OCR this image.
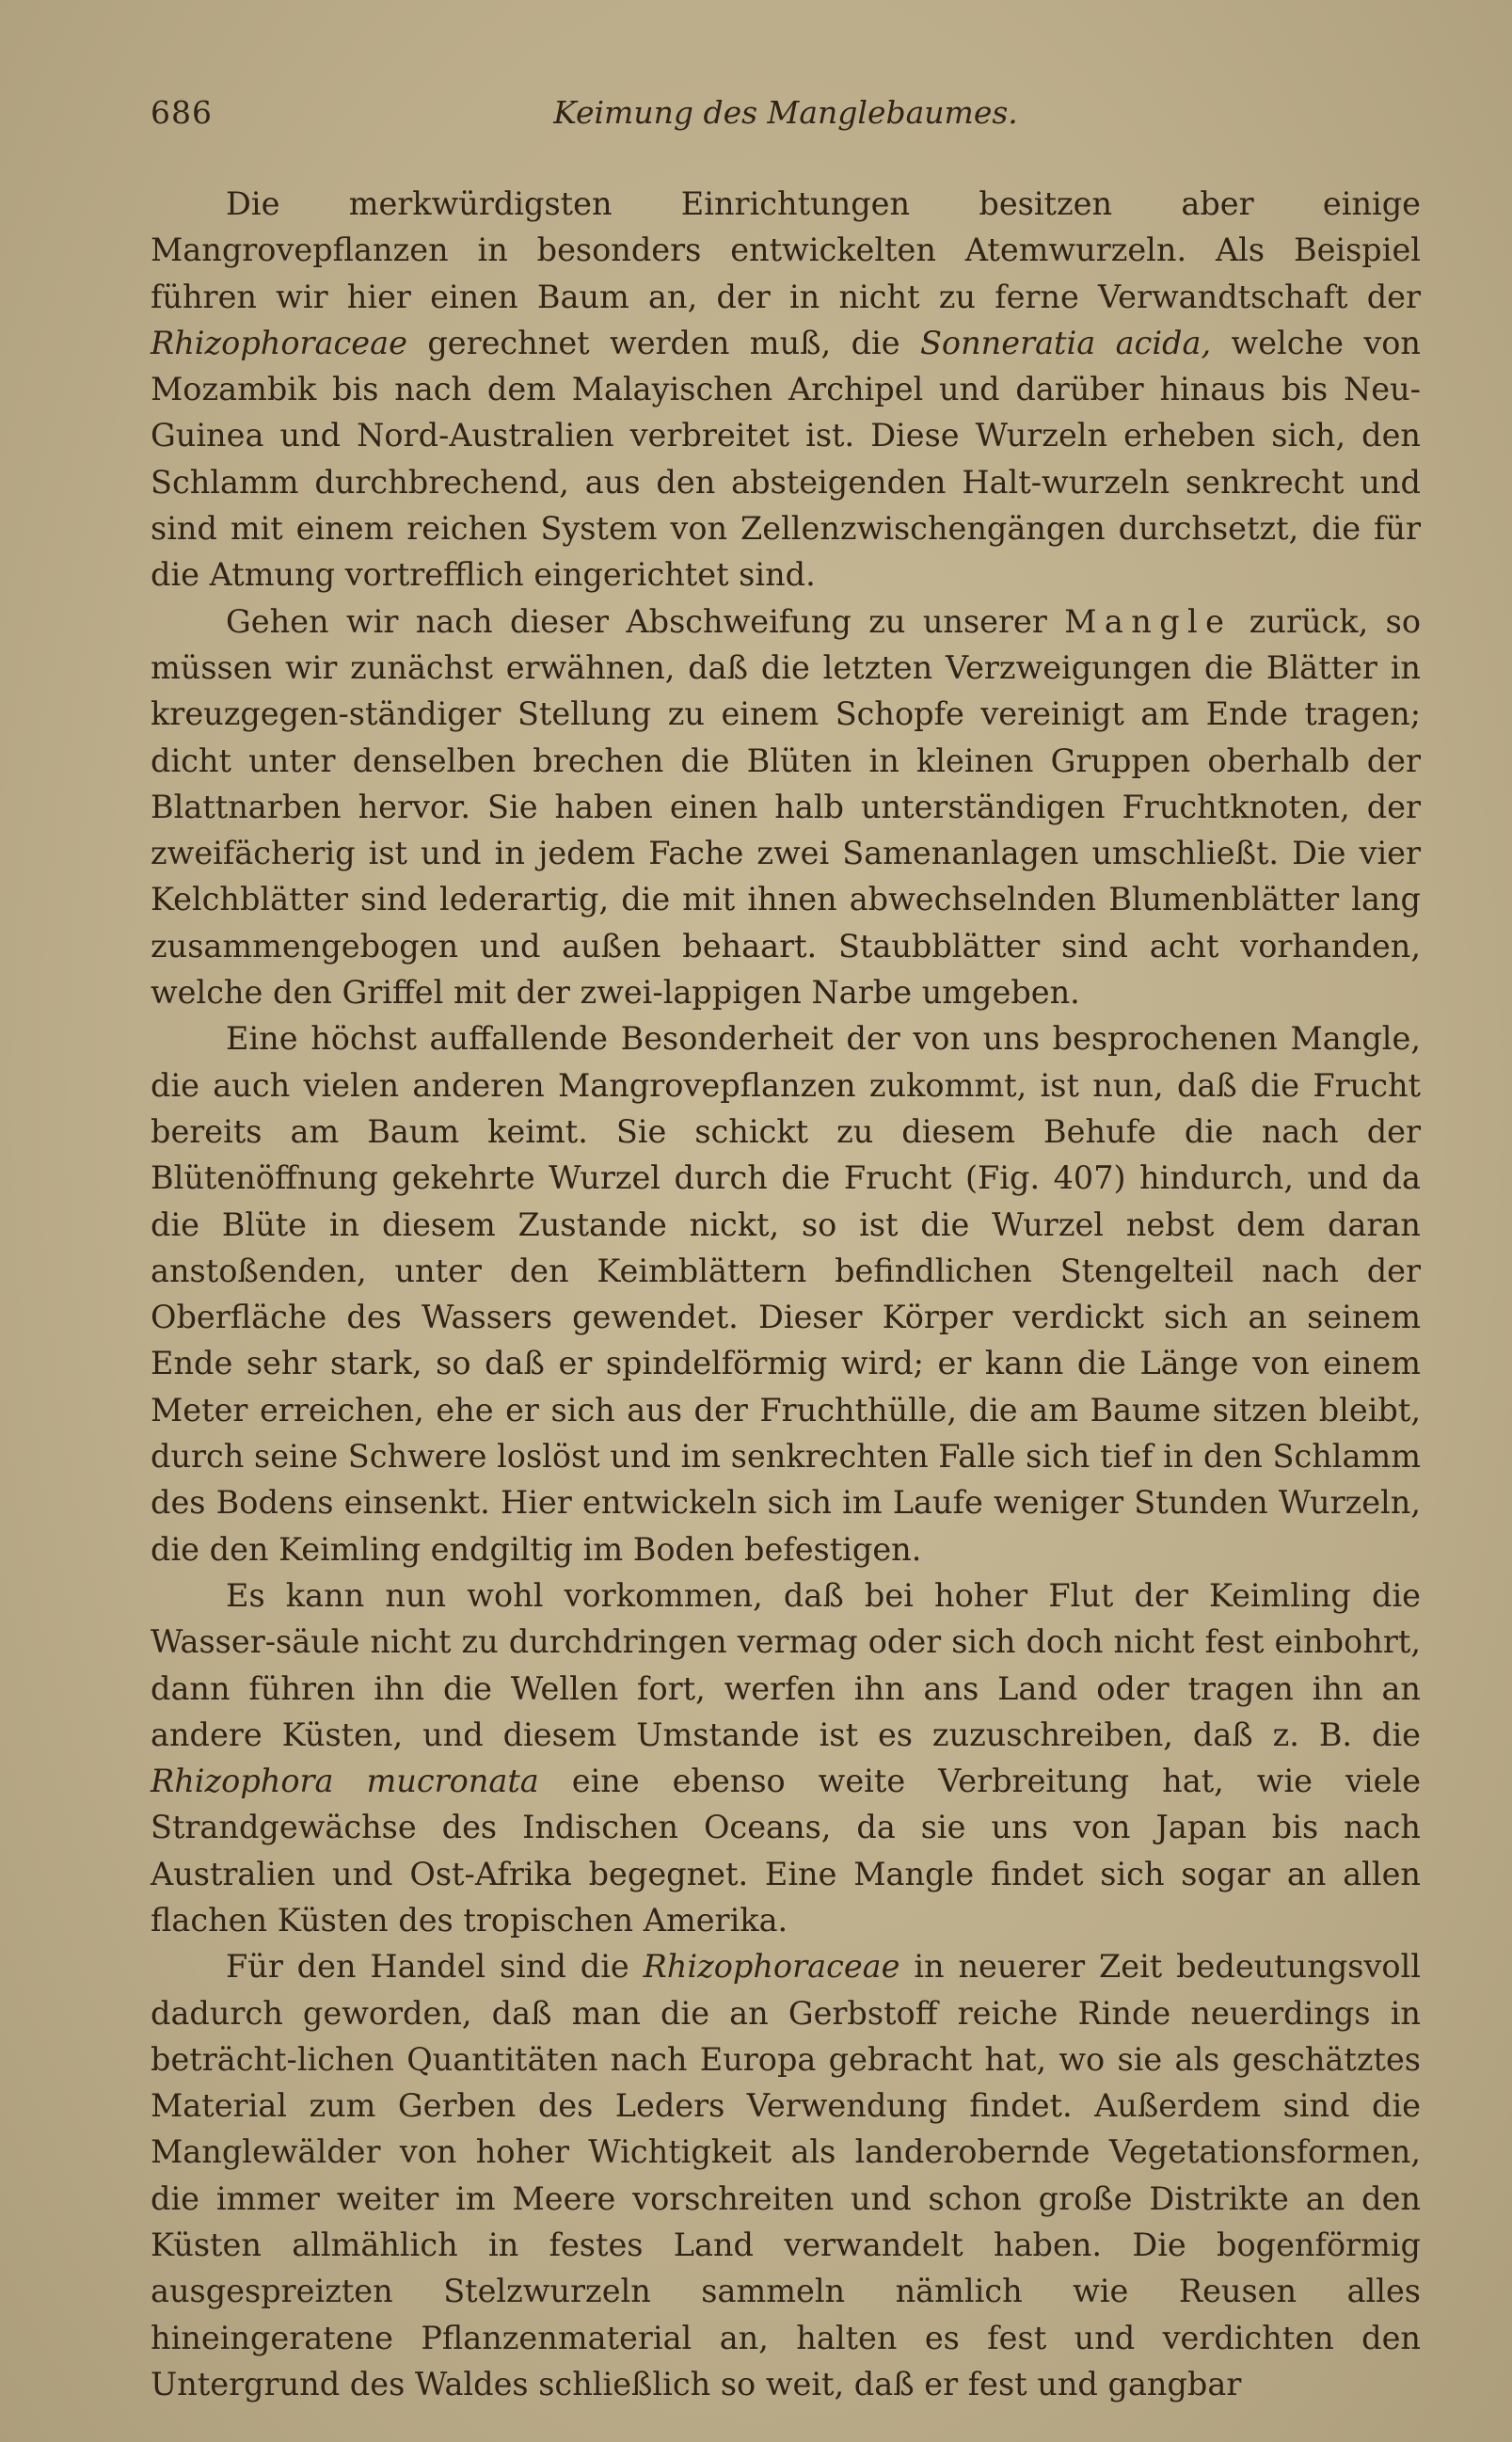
686	Keimung des Manglebaumes.

Die merkwürdigsten Einrichtungen besitzen aber einige Mangrovepflanzen in besonders entwickelten Atemwurzeln. Als Beispiel führen wir hier einen Baum an, der in nicht zu ferne Verwandtschaft der Rhizophoraceae gerechnet werden muß, die Sonneratia acida, welche von Mozambik bis nach dem Malayischen Archipel und darüber hinaus bis Neu-Guinea und Nord-Australien verbreitet ist. Diese Wurzeln erheben sich, den Schlamm durchbrechend, aus den absteigenden Halt-wurzeln senkrecht und sind mit einem reichen System von Zellenzwischengängen durchsetzt, die für die Atmung vortrefflich eingerichtet sind.

Gehen wir nach dieser Abschweifung zu unserer Mangle zurück, so müssen wir zunächst erwähnen, daß die letzten Verzweigungen die Blätter in kreuzgegen-ständiger Stellung zu einem Schopfe vereinigt am Ende tragen; dicht unter denselben brechen die Blüten in kleinen Gruppen oberhalb der Blattnarben hervor. Sie haben einen halb unterständigen Fruchtknoten, der zweifächerig ist und in jedem Fache zwei Samenanlagen umschließt. Die vier Kelchblätter sind lederartig, die mit ihnen abwechselnden Blumenblätter lang zusammengebogen und außen behaart. Staubblätter sind acht vorhanden, welche den Griffel mit der zwei-lappigen Narbe umgeben.

Eine höchst auffallende Besonderheit der von uns besprochenen Mangle, die auch vielen anderen Mangrovepflanzen zukommt, ist nun, daß die Frucht bereits am Baum keimt. Sie schickt zu diesem Behufe die nach der Blütenöffnung gekehrte Wurzel durch die Frucht (Fig. 407) hindurch, und da die Blüte in diesem Zustande nickt, so ist die Wurzel nebst dem daran anstoßenden, unter den Keimblättern befindlichen Stengelteil nach der Oberfläche des Wassers gewendet. Dieser Körper verdickt sich an seinem Ende sehr stark, so daß er spindelförmig wird; er kann die Länge von einem Meter erreichen, ehe er sich aus der Fruchthülle, die am Baume sitzen bleibt, durch seine Schwere loslöst und im senkrechten Falle sich tief in den Schlamm des Bodens einsenkt. Hier entwickeln sich im Laufe weniger Stunden Wurzeln, die den Keimling endgiltig im Boden befestigen.

Es kann nun wohl vorkommen, daß bei hoher Flut der Keimling die Wasser-säule nicht zu durchdringen vermag oder sich doch nicht fest einbohrt, dann führen ihn die Wellen fort, werfen ihn ans Land oder tragen ihn an andere Küsten, und diesem Umstande ist es zuzuschreiben, daß z. B. die Rhizophora mucronata eine ebenso weite Verbreitung hat, wie viele Strandgewächse des Indischen Oceans, da sie uns von Japan bis nach Australien und Ost-Afrika begegnet. Eine Mangle findet sich sogar an allen flachen Küsten des tropischen Amerika.

Für den Handel sind die Rhizophoraceae in neuerer Zeit bedeutungsvoll dadurch geworden, daß man die an Gerbstoff reiche Rinde neuerdings in beträcht-lichen Quantitäten nach Europa gebracht hat, wo sie als geschätztes Material zum Gerben des Leders Verwendung findet. Außerdem sind die Manglewälder von hoher Wichtigkeit als landerobernde Vegetationsformen, die immer weiter im Meere vorschreiten und schon große Distrikte an den Küsten allmählich in festes Land verwandelt haben. Die bogenförmig ausgespreizten Stelzwurzeln sammeln nämlich wie Reusen alles hineingeratene Pflanzenmaterial an, halten es fest und verdichten den Untergrund des Waldes schließlich so weit, daß er fest und gangbar
